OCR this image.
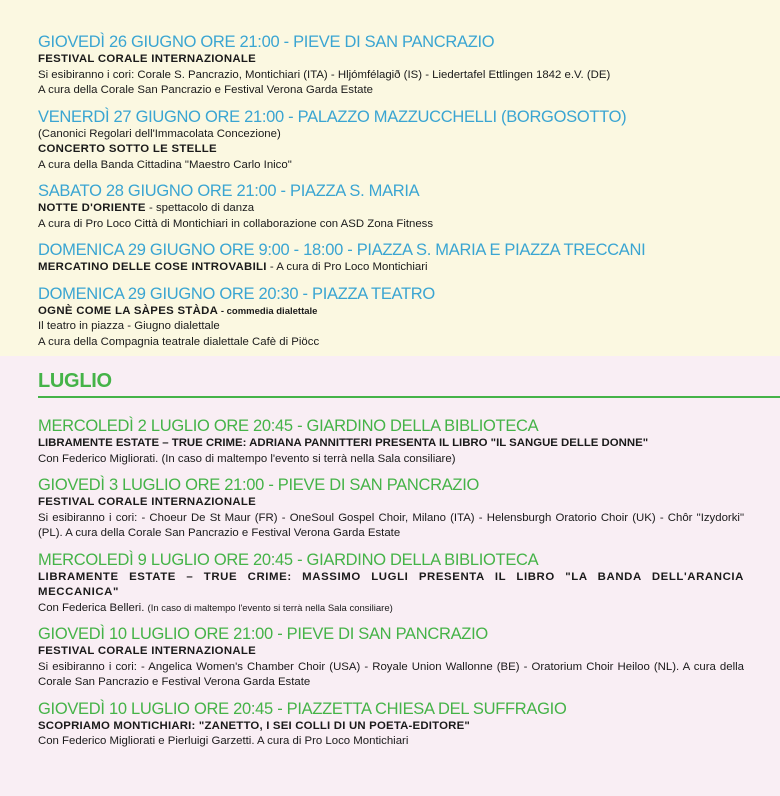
GIOVEDÌ 26 GIUGNO ORE 21:00 - PIEVE DI SAN PANCRAZIO
FESTIVAL CORALE INTERNAZIONALE
Si esibiranno i cori: Corale S. Pancrazio, Montichiari (ITA) - Hljómfélagið (IS) - Liedertafel Ettlingen 1842 e.V. (DE)
A cura della Corale San Pancrazio e Festival Verona Garda Estate
VENERDÌ 27 GIUGNO ORE 21:00 - PALAZZO MAZZUCCHELLI (BORGOSOTTO)
(Canonici Regolari dell'Immacolata Concezione)
CONCERTO SOTTO LE STELLE
A cura della Banda Cittadina "Maestro Carlo Inico"
SABATO 28 GIUGNO ORE 21:00 - PIAZZA S. MARIA
NOTTE D'ORIENTE - spettacolo di danza
A cura di Pro Loco Città di Montichiari in collaborazione con ASD Zona Fitness
DOMENICA 29 GIUGNO ORE 9:00 - 18:00 - PIAZZA S. MARIA E PIAZZA TRECCANI
MERCATINO DELLE COSE INTROVABILI - A cura di Pro Loco Montichiari
DOMENICA 29 GIUGNO ORE 20:30 - PIAZZA TEATRO
OGNÈ COME LA SÀPES STÀDA - commedia dialettale
Il teatro in piazza - Giugno dialettale
A cura della Compagnia teatrale dialettale Cafè di Piöcc
LUGLIO
MERCOLEDÌ 2 LUGLIO ORE 20:45 - GIARDINO DELLA BIBLIOTECA
LIBRAMENTE ESTATE – TRUE CRIME: ADRIANA PANNITTERI PRESENTA IL LIBRO "IL SANGUE DELLE DONNE"
Con Federico Migliorati. (In caso di maltempo l'evento si terrà nella Sala consiliare)
GIOVEDÌ 3 LUGLIO ORE 21:00 - PIEVE DI SAN PANCRAZIO
FESTIVAL CORALE INTERNAZIONALE
Si esibiranno i cori: - Choeur De St Maur (FR) - OneSoul Gospel Choir, Milano (ITA) - Helensburgh Oratorio Choir (UK) - Chôr "Izydorki" (PL). A cura della Corale San Pancrazio e Festival Verona Garda Estate
MERCOLEDÌ 9 LUGLIO ORE 20:45 - GIARDINO DELLA BIBLIOTECA
LIBRAMENTE ESTATE – TRUE CRIME: MASSIMO LUGLI PRESENTA IL LIBRO "LA BANDA DELL'ARANCIA MECCANICA"
Con Federica Belleri. (In caso di maltempo l'evento si terrà nella Sala consiliare)
GIOVEDÌ 10 LUGLIO ORE 21:00 - PIEVE DI SAN PANCRAZIO
FESTIVAL CORALE INTERNAZIONALE
Si esibiranno i cori: - Angelica Women's Chamber Choir (USA) - Royale Union Wallonne (BE) - Oratorium Choir Heiloo (NL). A cura della Corale San Pancrazio e Festival Verona Garda Estate
GIOVEDÌ 10 LUGLIO ORE 20:45 - PIAZZETTA CHIESA DEL SUFFRAGIO
SCOPRIAMO MONTICHIARI: "ZANETTO, I SEI COLLI DI UN POETA-EDITORE"
Con Federico Migliorati e Pierluigi Garzetti. A cura di Pro Loco Montichiari
